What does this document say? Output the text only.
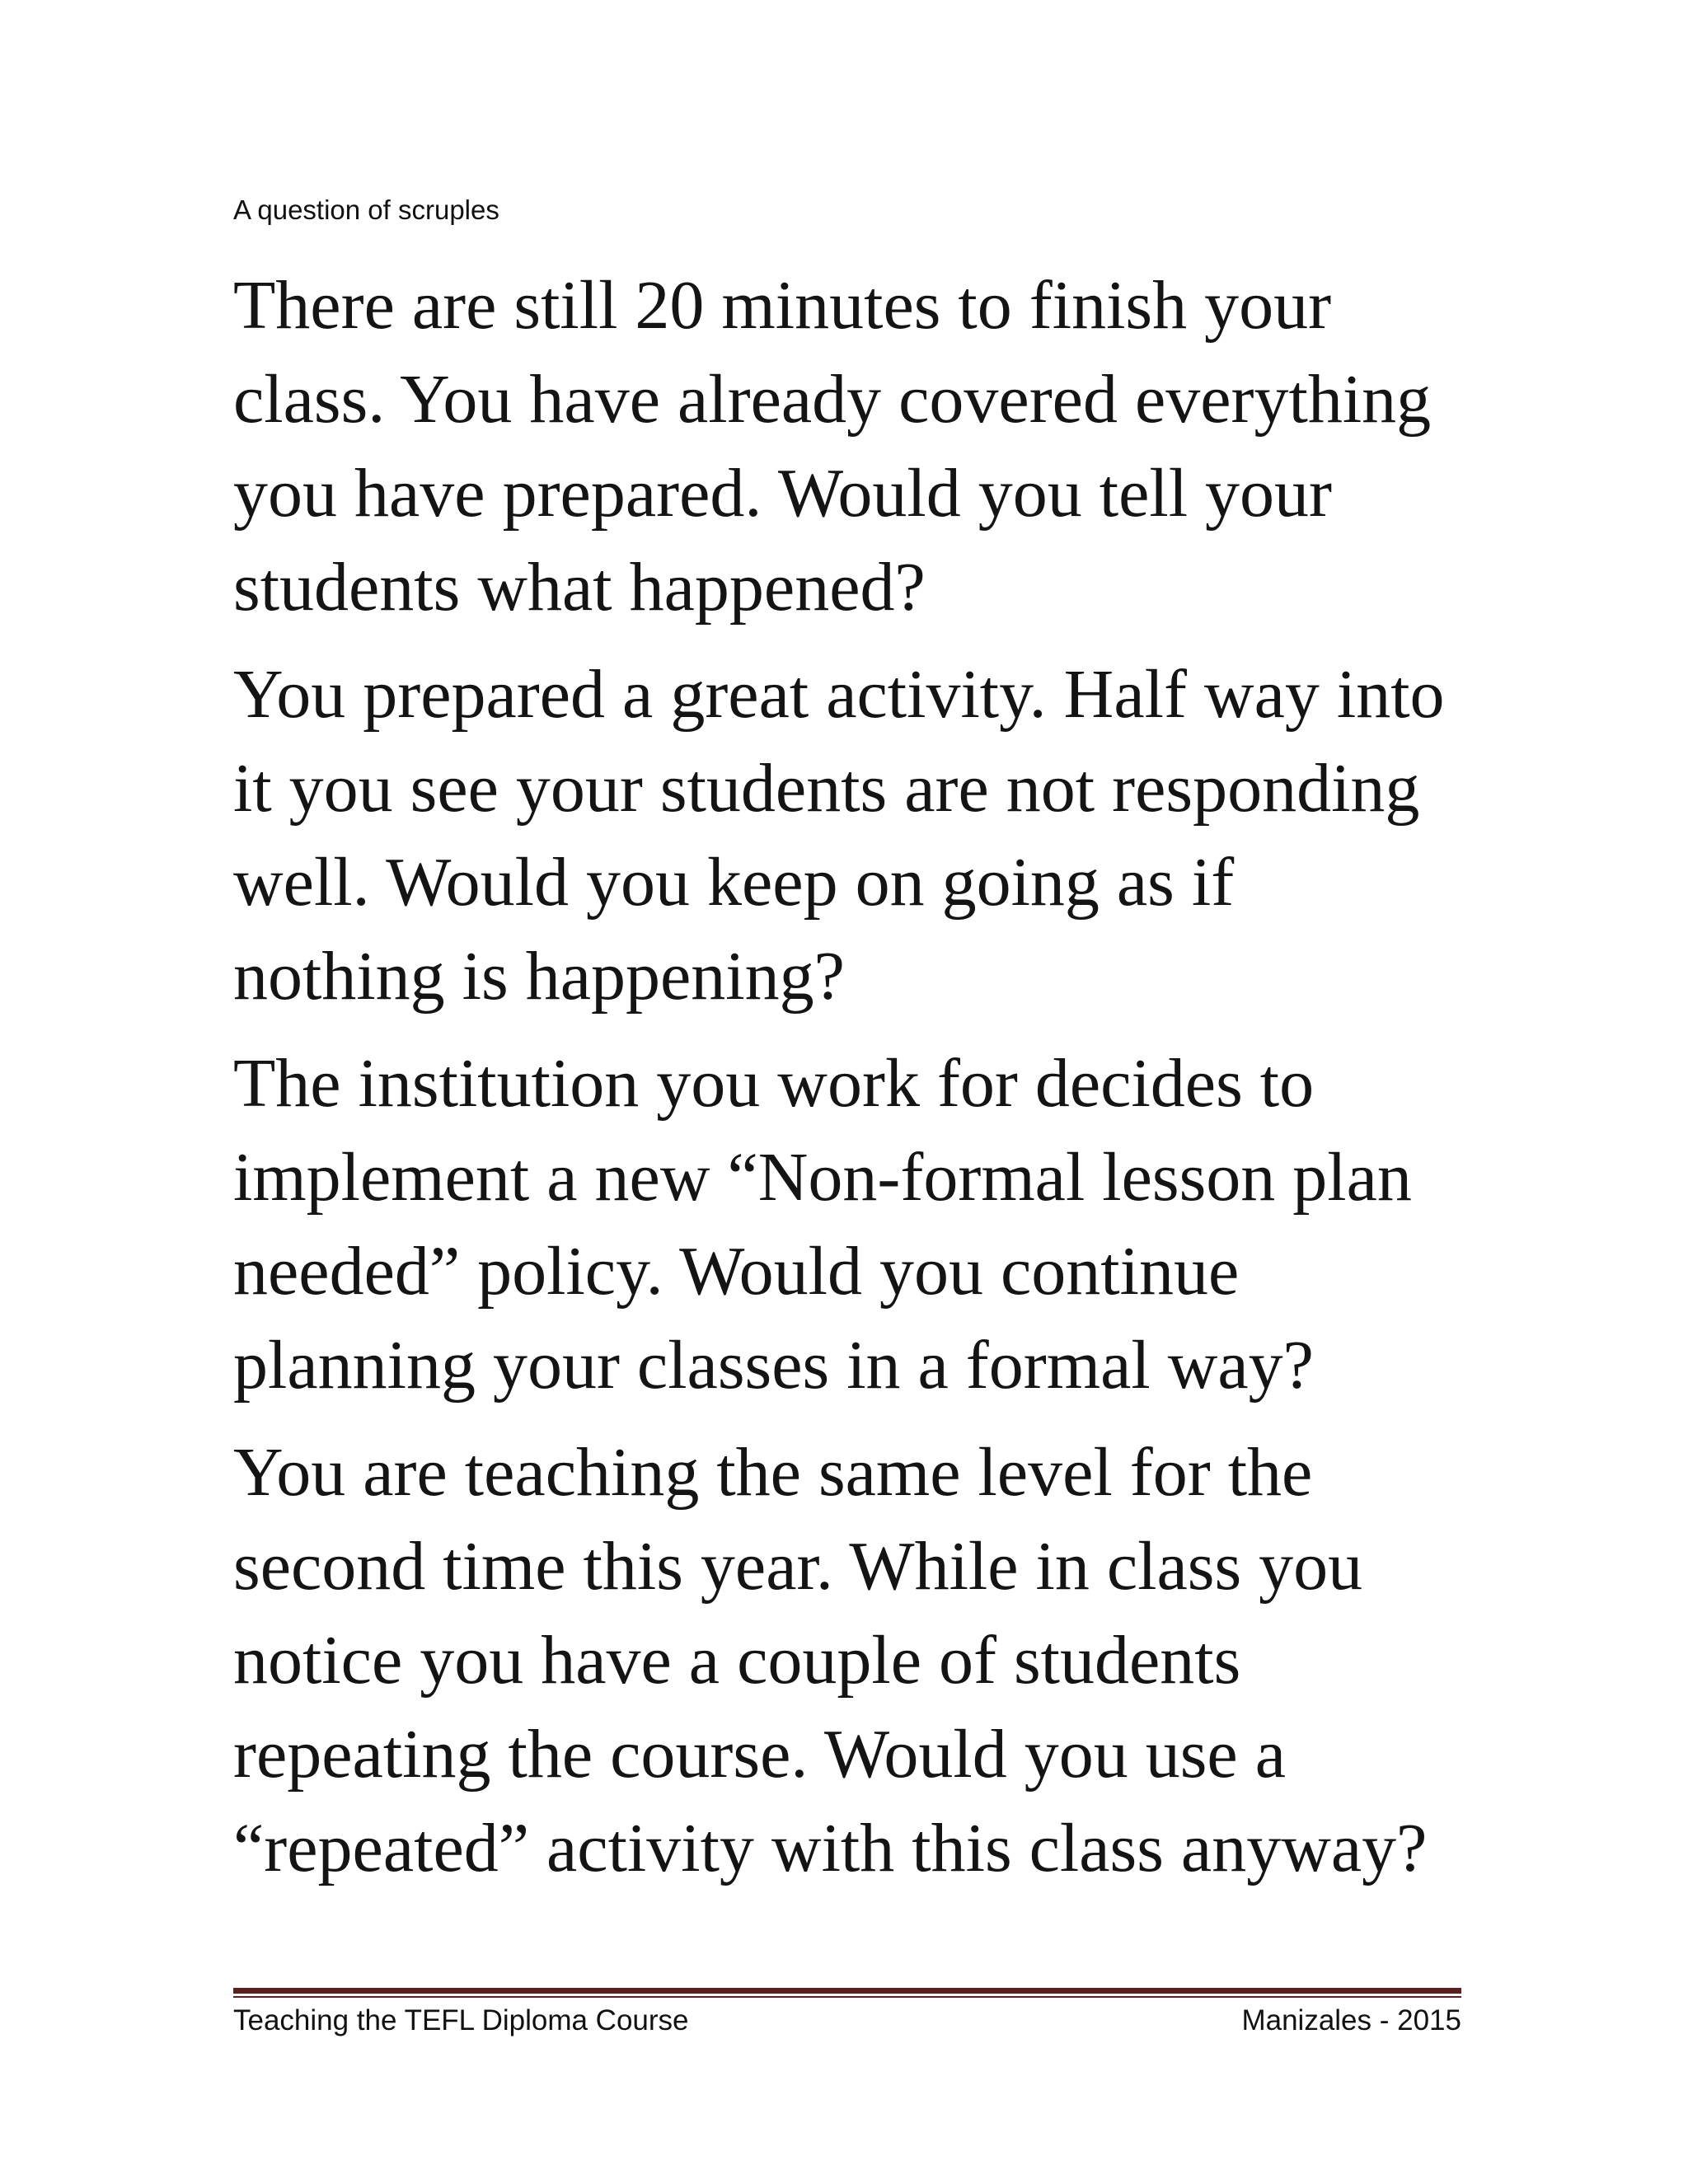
A question of scruples

There are still 20 minutes to finish your
class. You have already covered everything
you have prepared. Would you tell your
students what happened?

You prepared a great activity. Half way into
it you see your students are not responding
well. Would you keep on going as if
nothing is happening?

The institution you work for decides to
implement a new “Non-formal lesson plan
needed” policy. Would you continue
planning your classes in a formal way?

You are teaching the same level for the
second time this year. While in class you
notice you have a couple of students
repeating the course. Would you use a
“repeated” activity with this class anyway?

Teaching the TEFL Diploma Course	Manizales - 2015
